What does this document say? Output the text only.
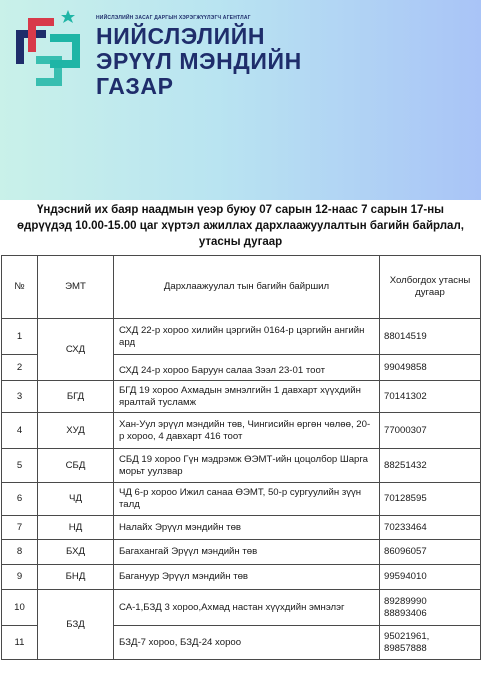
НИЙСЛЭЛИЙН ЗАСАГ ДАРГЫН ХЭРЭГЖҮҮЛЭГЧ АГЕНТЛАГ
НИЙСЛЭЛИЙН
ЭРҮҮЛ МЭНДИЙН
ГАЗАР
Үндэсний их баяр наадмын үеэр буюу 07 сарын 12-наас 7 сарын 17-ны
өдрүүдэд 10.00-15.00 цаг хүртэл ажиллах дархлаажуулалтын багийн байрлал,
утасны дугаар
№	ЭМТ	Дархлаажуулал тын багийн байршил	Холбогдох утасны дугаар
1	СХД	СХД 22-р хороо хилийн цэргийн 0164-р цэргийн ангийн ард	88014519
2		СХД 24-р хороо Баруун салаа Зээл 23-01 тоот	99049858
3	БГД	БГД 19 хороо Ахмадын эмнэлгийн 1 давхарт хүүхдийн яралтай тусламж	70141302
4	ХУД	Хан-Уул эрүүл мэндийн төв, Чингисийн өргөн чөлөө, 20-р хороо, 4 давхарт 416 тоот	77000307
5	СБД	СБД 19 хороо Гүн мэдрэмж ӨЭМТ-ийн цоцолбор Шарга морьт уулзвар	88251432
6	ЧД	ЧД 6-р хороо Ижил санаа ӨЭМТ, 50-р сургуулийн зүүн талд	70128595
7	НД	Налайх Эрүүл мэндийн төв	70233464
8	БХД	Багахангай Эрүүл мэндийн төв	86096057
9	БНД	Багануур Эрүүл мэндийн төв	99594010
10	БЗД	СА-1,БЗД 3 хороо,Ахмад настан хүүхдийн эмнэлэг	89289990
88893406

11		БЗД-7 хороо, БЗД-24 хороо	95021961,
89857888
